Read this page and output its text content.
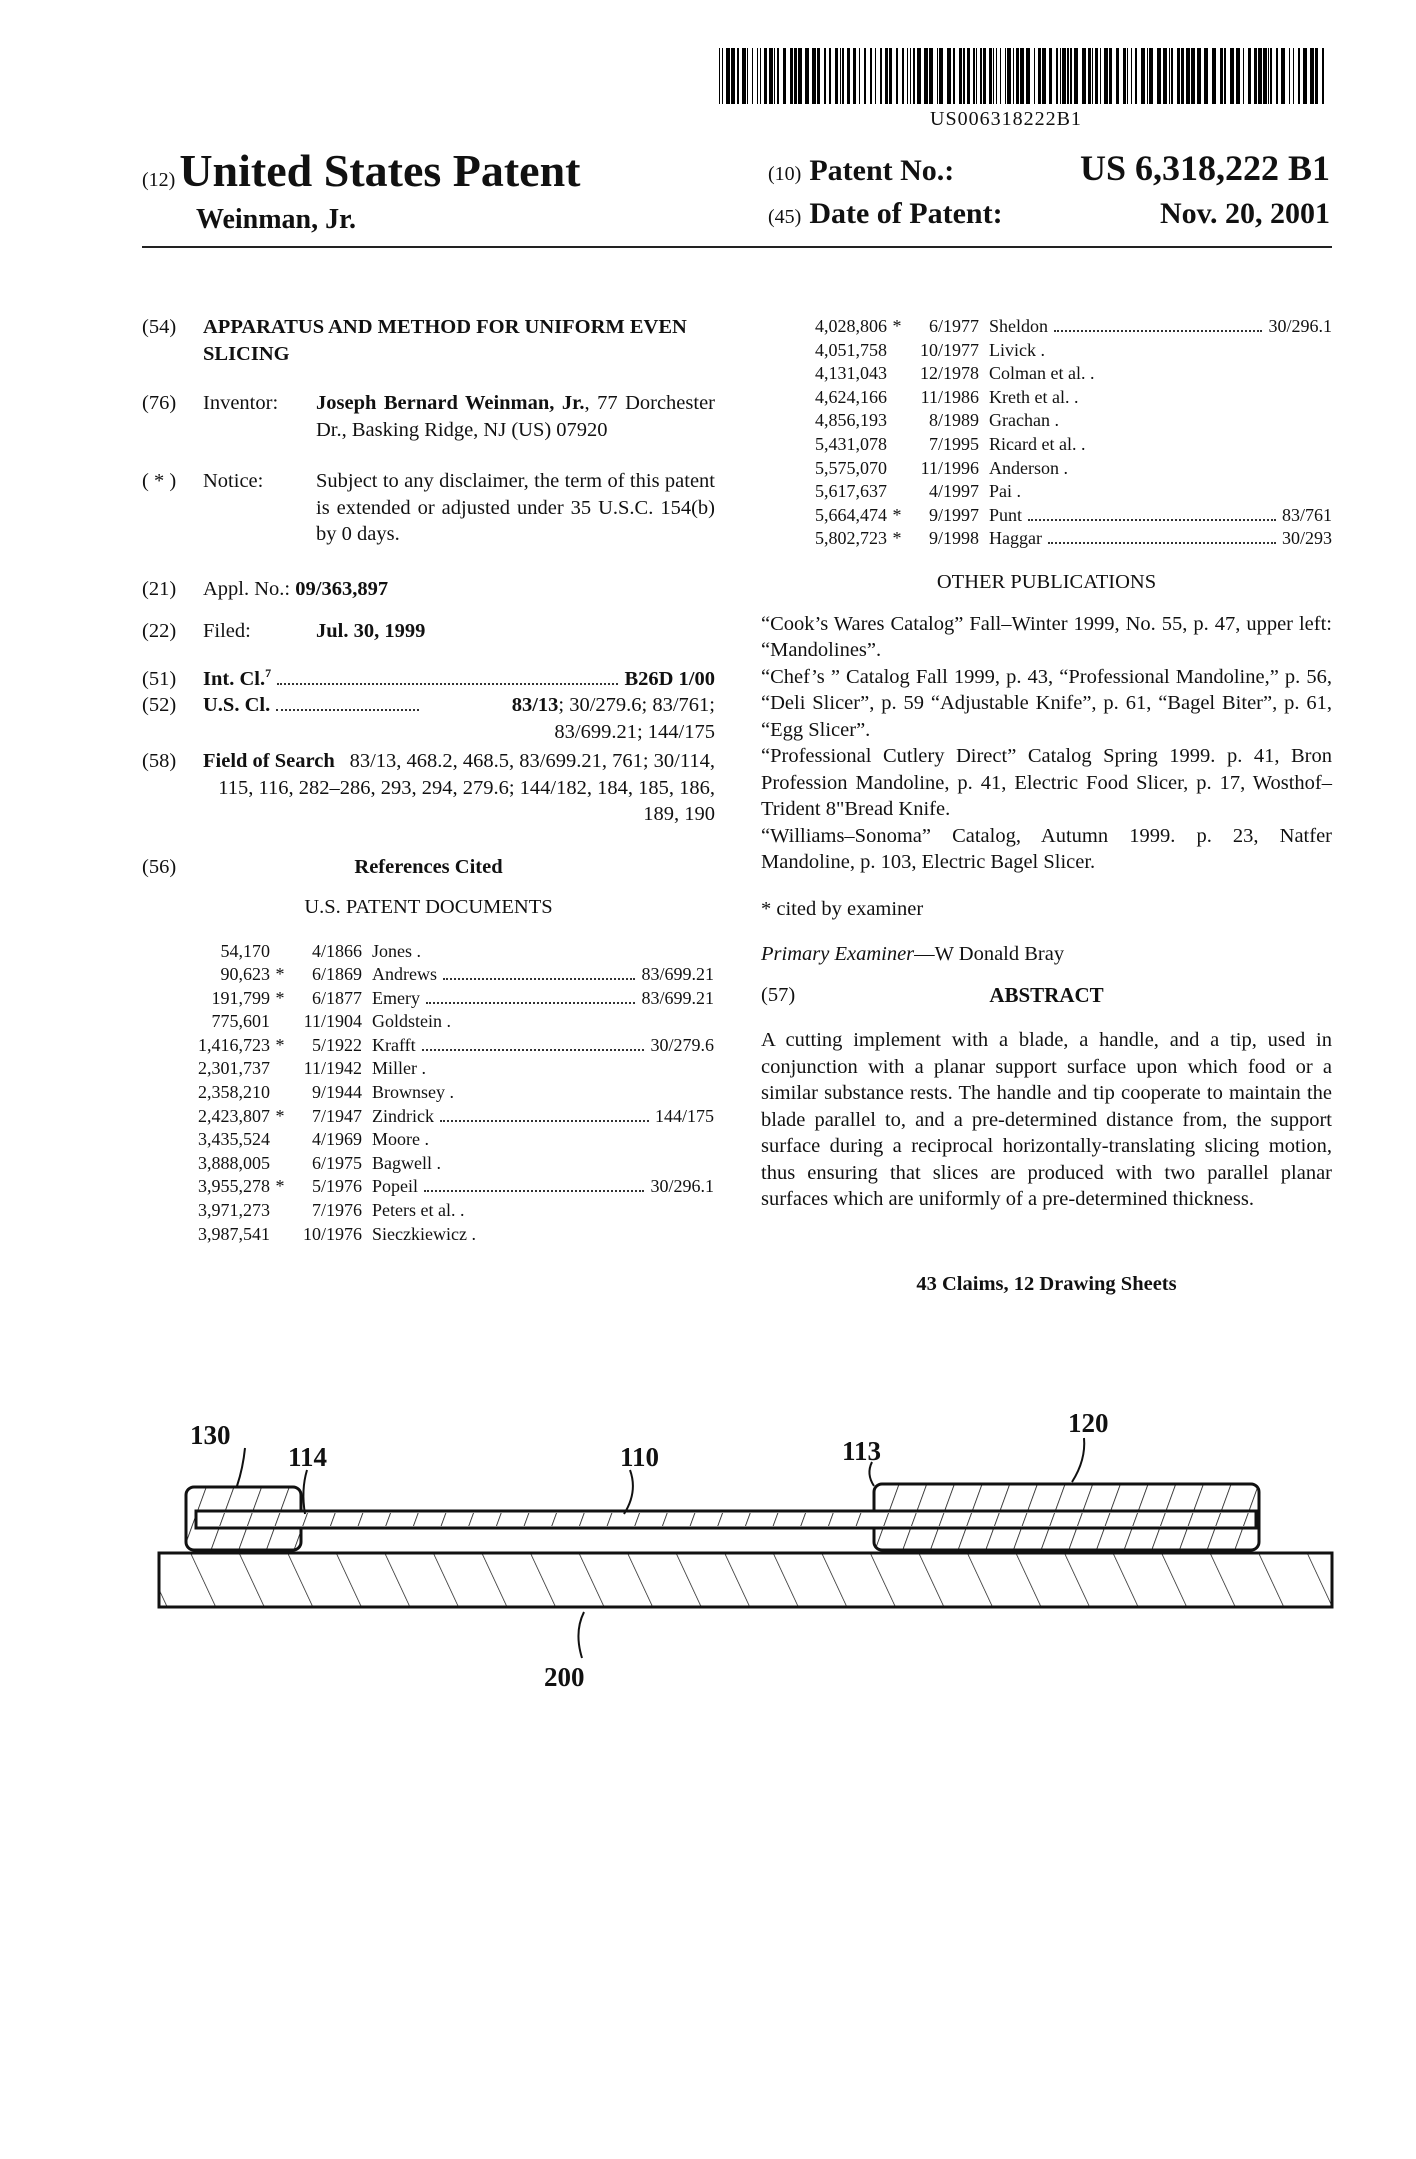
US006318222B1
(12) United States Patent
Weinman, Jr.
(10) Patent No.:	US 6,318,222 B1
(45) Date of Patent:	Nov. 20, 2001
(54) APPARATUS AND METHOD FOR UNIFORM EVEN SLICING
(76) Inventor: Joseph Bernard Weinman, Jr., 77 Dorchester Dr., Basking Ridge, NJ (US) 07920
( * ) Notice:	Subject to any disclaimer, the term of this patent is extended or adjusted under 35 U.S.C. 154(b) by 0 days.
(21) Appl. No.: 09/363,897
(22) Filed:	Jul. 30, 1999
(51) Int. Cl.$^7$	B26D 1/00
(52) U.S. Cl.	83/13; 30/279.6; 83/761; 83/699.21; 144/175
(58) Field of Search 83/13, 468.2, 468.5, 83/699.21, 761; 30/114, 115, 116, 282–286, 293, 294, 279.6; 144/182, 184, 185, 186, 189, 190
(56)	References Cited
U.S. PATENT DOCUMENTS
54,170	4/1866 Jones .
90,623 *	6/1869 Andrews	83/699.21
191,799 *	6/1877 Emery	83/699.21
775,601	11/1904 Goldstein .
1,416,723 *	5/1922 Krafft	30/279.6
2,301,737	11/1942 Miller .
2,358,210	9/1944 Brownsey .
2,423,807 *	7/1947 Zindrick	144/175
3,435,524	4/1969 Moore .
3,888,005	6/1975 Bagwell .
3,955,278 *	5/1976 Popeil	30/296.1
3,971,273	7/1976 Peters et al. .
3,987,541	10/1976 Sieczkiewicz .
4,028,806 *	6/1977 Sheldon	30/296.1
4,051,758	10/1977 Livick .
4,131,043	12/1978 Colman et al. .
4,624,166	11/1986 Kreth et al. .
4,856,193	8/1989 Grachan .
5,431,078	7/1995 Ricard et al. .
5,575,070	11/1996 Anderson .
5,617,637	4/1997 Pai .
5,664,474 *	9/1997 Punt	83/761
5,802,723 *	9/1998 Haggar	30/293
OTHER PUBLICATIONS
“Cook’s Wares Catalog” Fall–Winter 1999, No. 55, p. 47, upper left: “Mandolines”.
“Chef’s ” Catalog Fall 1999, p. 43, “Professional Mandoline,” p. 56, “Deli Slicer”, p. 59 “Adjustable Knife”, p. 61, “Bagel Biter”, p. 61, “Egg Slicer”.
“Professional Cutlery Direct” Catalog Spring 1999. p. 41, Bron Profession Mandoline, p. 41, Electric Food Slicer, p. 17, Wosthof–Trident 8"Bread Knife.
“Williams–Sonoma” Catalog, Autumn 1999. p. 23, Natfer Mandoline, p. 103, Electric Bagel Slicer.
* cited by examiner
Primary Examiner—W Donald Bray
(57)	ABSTRACT
A cutting implement with a blade, a handle, and a tip, used in conjunction with a planar support surface upon which food or a similar substance rests. The handle and tip cooperate to maintain the blade parallel to, and a pre-determined distance from, the support surface during a reciprocal horizontally-translating slicing motion, thus ensuring that slices are produced with two parallel planar surfaces which are uniformly of a pre-determined thickness.
43 Claims, 12 Drawing Sheets
130
114	110	113
120
200
